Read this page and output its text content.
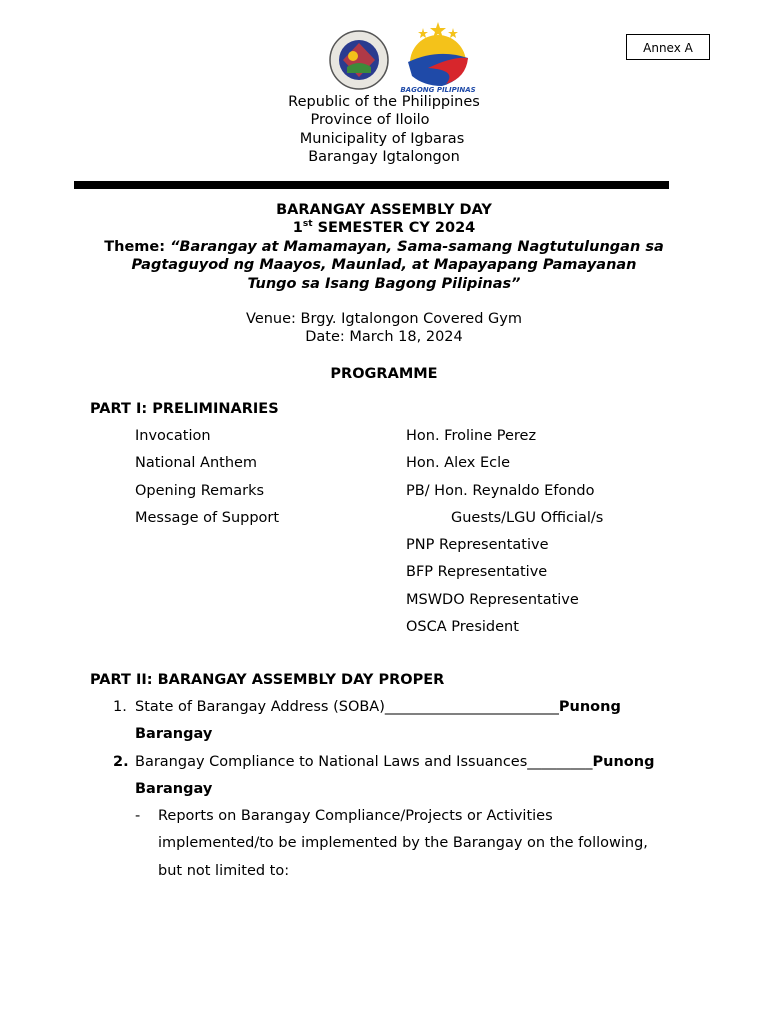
BAGONG PILIPINAS
Annex A
Republic of the Philippines
Province of Iloilo
Municipality of Igbaras
Barangay Igtalongon
BARANGAY ASSEMBLY DAY
1st SEMESTER CY 2024
Theme: “Barangay at Mamamayan, Sama-samang Nagtutulungan sa
Pagtaguyod ng Maayos, Maunlad, at Mapayapang Pamayanan
Tungo sa Isang Bagong Pilipinas”
Venue: Brgy. Igtalongon Covered Gym
Date: March 18, 2024
PROGRAMME
PART I: PRELIMINARIES
Invocation	Hon. Froline Perez
National Anthem	Hon. Alex Ecle
Opening Remarks	PB/ Hon. Reynaldo Efondo
Message of Support	Guests/LGU Official/s
PNP Representative
BFP Representative
MSWDO Representative
OSCA President
PART II: BARANGAY ASSEMBLY DAY PROPER
1. State of Barangay Address (SOBA)________________________Punong
Barangay
2. Barangay Compliance to National Laws and Issuances_________Punong
Barangay
- Reports on Barangay Compliance/Projects or Activities
implemented/to be implemented by the Barangay on the following,
but not limited to:
